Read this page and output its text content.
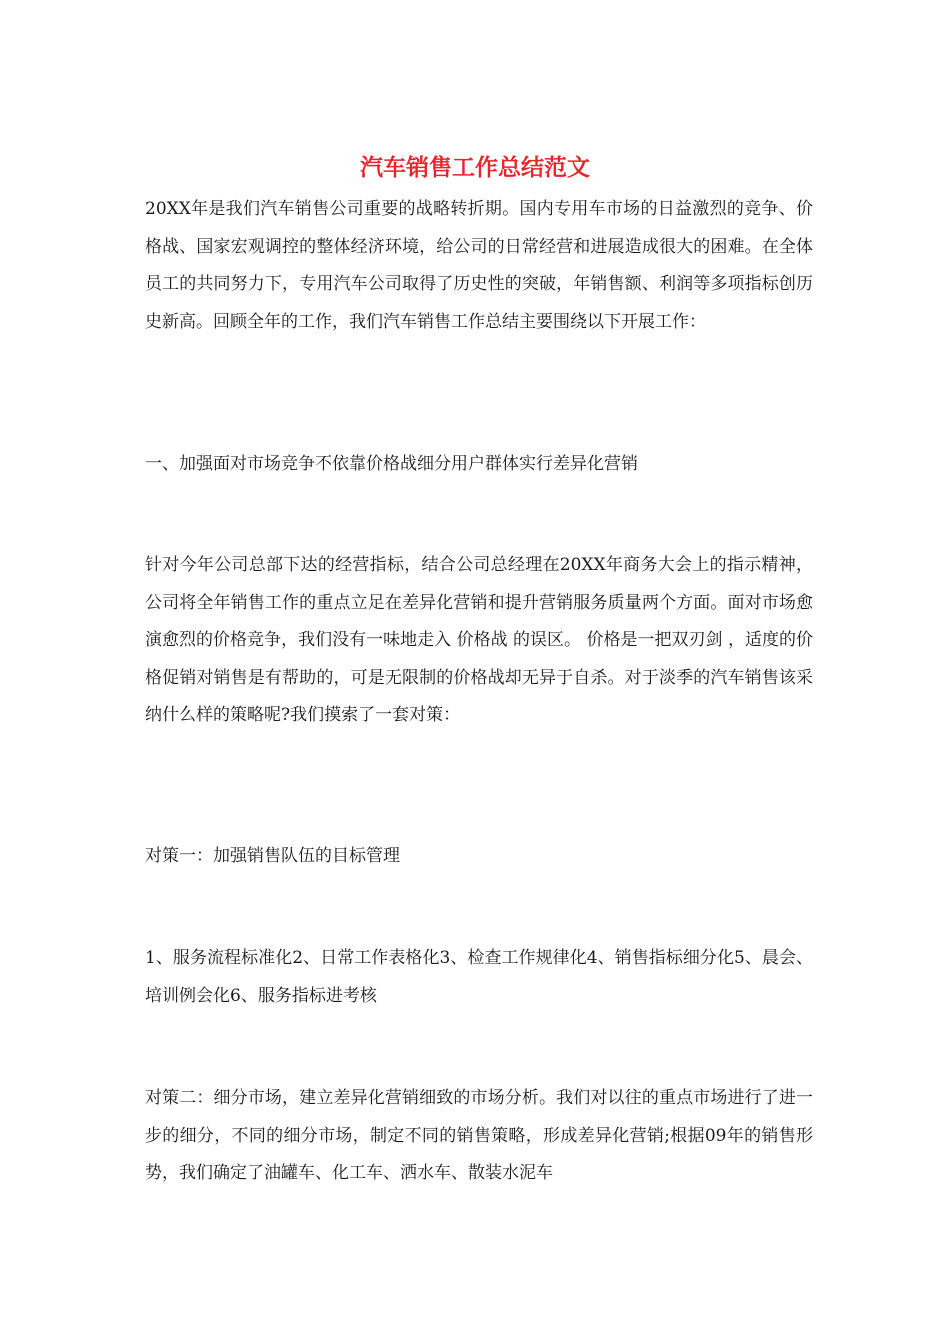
汽车销售工作总结范文

20XX年是我们汽车销售公司重要的战略转折期。国内专用车市场的日益激烈的竞争、价格战、国家宏观调控的整体经济环境，给公司的日常经营和进展造成很大的困难。在全体员工的共同努力下，专用汽车公司取得了历史性的突破，年销售额、利润等多项指标创历史新高。回顾全年的工作，我们汽车销售工作总结主要围绕以下开展工作：

一、加强面对市场竞争不依靠价格战细分用户群体实行差异化营销

针对今年公司总部下达的经营指标，结合公司总经理在20XX年商务大会上的指示精神，公司将全年销售工作的重点立足在差异化营销和提升营销服务质量两个方面。面对市场愈演愈烈的价格竞争，我们没有一味地走入 价格战 的误区。 价格是一把双刃剑 ，适度的价格促销对销售是有帮助的，可是无限制的价格战却无异于自杀。对于淡季的汽车销售该采纳什么样的策略呢?我们摸索了一套对策：

对策一：加强销售队伍的目标管理

1、服务流程标准化2、日常工作表格化3、检查工作规律化4、销售指标细分化5、晨会、培训例会化6、服务指标进考核

对策二：细分市场，建立差异化营销细致的市场分析。我们对以往的重点市场进行了进一步的细分，不同的细分市场，制定不同的销售策略，形成差异化营销;根据09年的销售形势，我们确定了油罐车、化工车、洒水车、散装水泥车
